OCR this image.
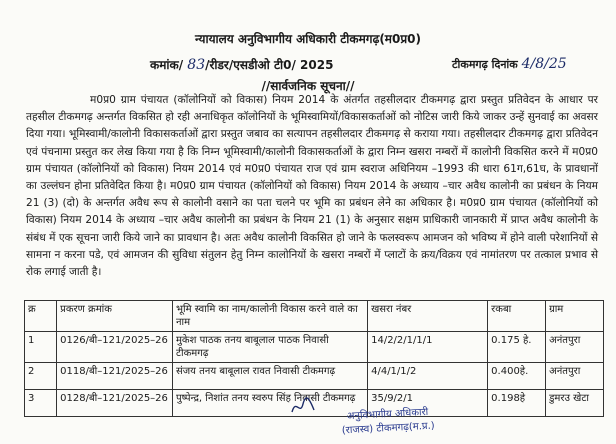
न्यायालय अनुविभागीय अधिकारी टीकमगढ़(म0प्र0)
कमांक/ 83/रीडर/एसडीओ टी0/ 2025	टीकमगढ़ दिनांक 4/8/25
//सार्वजनिक सूचना//
म0प्र0 ग्राम पंचायत (कॉलोनियों को विकास) नियम 2014 के अंतर्गत तहसीलदार टीकमगढ़ द्वारा प्रस्तुत प्रतिवेदन के आधार पर तहसील टीकमगढ़ अन्तर्गत विकसित हो रही अनाधिकृत कॉलोनियों के भूमिस्वामियों/विकासकर्ताओं को नोटिस जारी किये जाकर उन्हें सुनवाई का अवसर दिया गया। भूमिस्वामी/कालोनी विकासकर्ताओं द्वारा प्रस्तुत जबाव का सत्यापन तहसीलदार टीकमगढ़ से कराया गया। तहसीलदार टीकमगढ़ द्वारा प्रतिवेदन एवं पंचनामा प्रस्तुत कर लेख किया गया है कि निम्न भूमिस्वामी/कालोनी विकासकर्ताओं के द्वारा निम्न खसरा नम्बरों में कालोनी विकसित करने में म0प्र0 ग्राम पंचायत (कॉलोनियों को विकास) नियम 2014 एवं म0प्र0 पंचायत राज एवं ग्राम स्वराज अधिनियम –1993 की धारा 61ग,61घ, के प्रावधानों का उल्लंघन होना प्रतिवेदित किया है। म0प्र0 ग्राम पंचायत (कॉलोनियों को विकास) नियम 2014 के अध्याय –चार अवैध कालोनी का प्रबंधन के नियम 21 (3) (दो) के अन्तर्गत अवैध रूप से कालोनी वसाने का पता चलने पर भूमि का प्रबंधन लेने का अधिकार है। म0प्र0 ग्राम पंचायत (कॉलोनियों को विकास) नियम 2014 के अध्याय –चार अवैध कालोनी का प्रबंधन के नियम 21 (1) के अनुसार सक्षम प्राधिकारी जानकारी में प्राप्त अवैध कालोनी के संबंध में एक सूचना जारी किये जाने का प्रावधान है। अतः अवैध कालोनी विकसित हो जाने के फलस्वरूप आमजन को भविष्य में होने वाली परेशानियों से सामना न करना पडे, एवं आमजन की सुविधा संतुलन हेतु निम्न कालोनियों के खसरा नम्बरों में प्लाटों के क्रय/विक्रय एवं नामांतरण पर तत्काल प्रभाव से रोक लगाई जाती है।
क्र	प्रकरण क्रमांक	भूमि स्वामि का नाम/कालोनी विकास करने वाले का नाम	खसरा नंबर	रकबा	ग्राम
1	0126/बी–121/2025–26	मुकेश पाठक तनय बाबूलाल पाठक निवासी टीकमगढ़	14/2/2/1/1/1	0.175 हे.	अनंतपुरा
2	0118/बी–121/2025–26	संजय तनय बाबूलाल रावत निवासी टीकमगढ़	4/4/1/1/2	0.400हे.	अनंतपुरा
3	0128/बी–121/2025–26	पुष्पेन्द्र, निशांत तनय स्वरुप सिंह निवासी टीकमगढ़	35/9/2/1	0.198हे	डुमरउ खेटा
अनुविभागीय अधिकारी
(राजस्व) टीकमगढ़(म.प्र.)
